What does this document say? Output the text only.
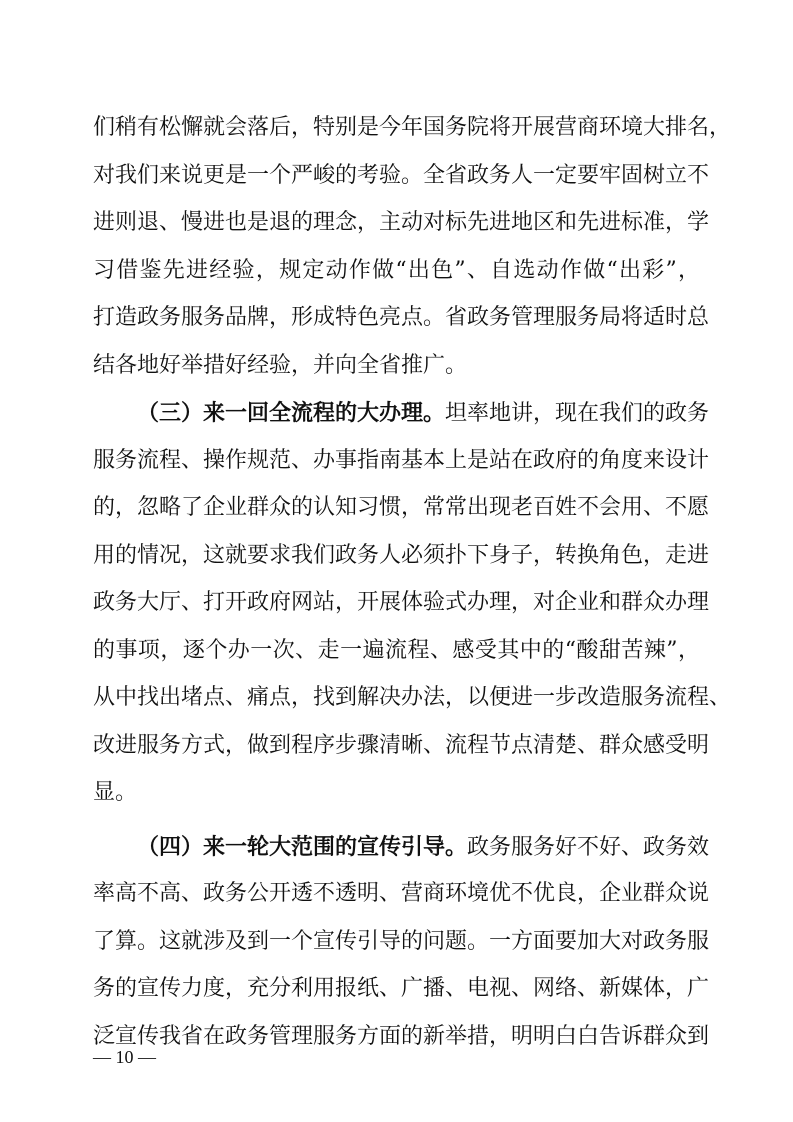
们稍有松懈就会落后，特别是今年国务院将开展营商环境大排名，
对我们来说更是一个严峻的考验。全省政务人一定要牢固树立不
进则退、慢进也是退的理念，主动对标先进地区和先进标准，学
习借鉴先进经验，规定动作做“出色”、自选动作做“出彩”，
打造政务服务品牌，形成特色亮点。省政务管理服务局将适时总
结各地好举措好经验，并向全省推广。
（三）来一回全流程的大办理。坦率地讲，现在我们的政务
服务流程、操作规范、办事指南基本上是站在政府的角度来设计
的，忽略了企业群众的认知习惯，常常出现老百姓不会用、不愿
用的情况，这就要求我们政务人必须扑下身子，转换角色，走进
政务大厅、打开政府网站，开展体验式办理，对企业和群众办理
的事项，逐个办一次、走一遍流程、感受其中的“酸甜苦辣”，
从中找出堵点、痛点，找到解决办法，以便进一步改造服务流程、
改进服务方式，做到程序步骤清晰、流程节点清楚、群众感受明
显。
（四）来一轮大范围的宣传引导。政务服务好不好、政务效
率高不高、政务公开透不透明、营商环境优不优良，企业群众说
了算。这就涉及到一个宣传引导的问题。一方面要加大对政务服
务的宣传力度，充分利用报纸、广播、电视、网络、新媒体，广
泛宣传我省在政务管理服务方面的新举措，明明白白告诉群众到
— 10 —
